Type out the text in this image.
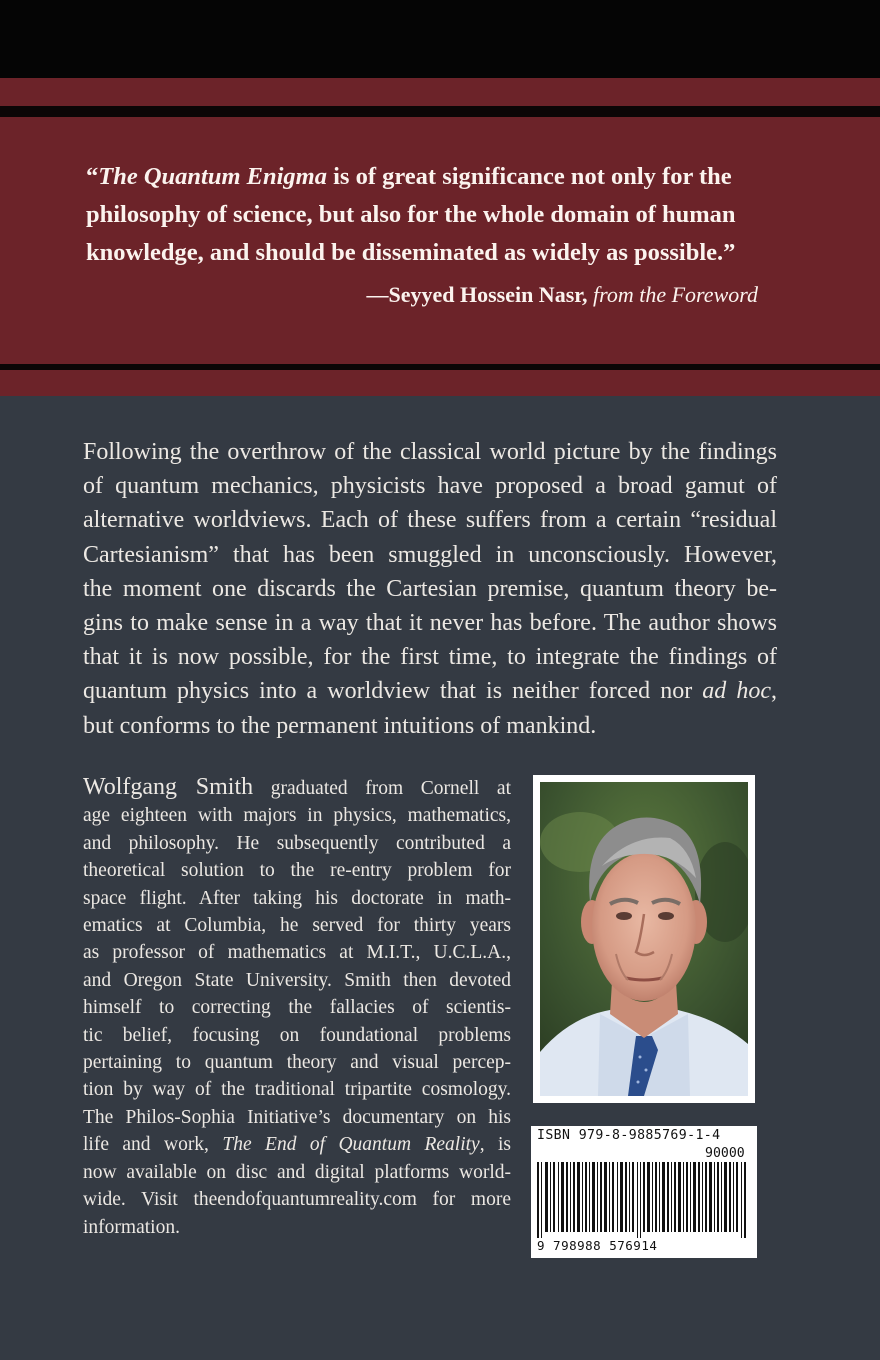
“The Quantum Enigma is of great significance not only for the
philosophy of science, but also for the whole domain of human
knowledge, and should be disseminated as widely as possible.”
—Seyyed Hossein Nasr, from the Foreword
Following the overthrow of the classical world picture by the findings
of quantum mechanics, physicists have proposed a broad gamut of
alternative worldviews. Each of these suffers from a certain “residual
Cartesianism” that has been smuggled in unconsciously. However,
the moment one discards the Cartesian premise, quantum theory be-
gins to make sense in a way that it never has before. The author shows
that it is now possible, for the first time, to integrate the findings of
quantum physics into a worldview that is neither forced nor ad hoc,
but conforms to the permanent intuitions of mankind.
Wolfgang Smith graduated from Cornell at
age eighteen with majors in physics, mathematics,
and philosophy. He subsequently contributed a
theoretical solution to the re-entry problem for
space flight. After taking his doctorate in math-
ematics at Columbia, he served for thirty years
as professor of mathematics at M.I.T., U.C.L.A.,
and Oregon State University. Smith then devoted
himself to correcting the fallacies of scientis-
tic belief, focusing on foundational problems
pertaining to quantum theory and visual percep-
tion by way of the traditional tripartite cosmology.
The Philos-Sophia Initiative’s documentary on his
life and work, The End of Quantum Reality, is
now available on disc and digital platforms world-
wide. Visit theendofquantumreality.com for more
information.
ISBN 979-8-9885769-1-4
90000
9 798988 576914
